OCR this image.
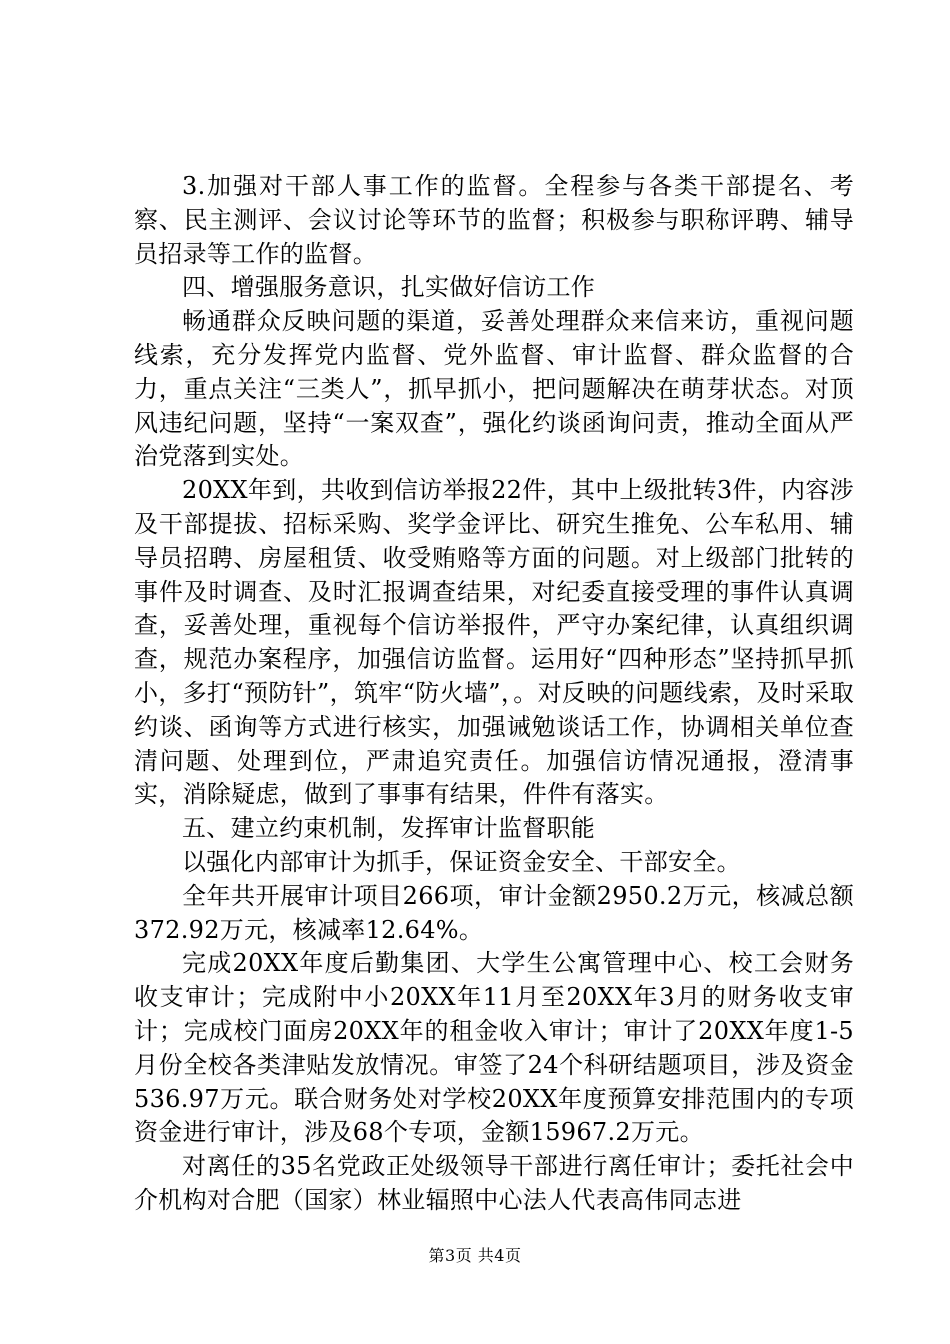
3.加强对干部人事工作的监督。全程参与各类干部提名、考察、民主测评、会议讨论等环节的监督；积极参与职称评聘、辅导员招录等工作的监督。

四、增强服务意识，扎实做好信访工作

畅通群众反映问题的渠道，妥善处理群众来信来访，重视问题线索，充分发挥党内监督、党外监督、审计监督、群众监督的合力，重点关注“三类人”，抓早抓小，把问题解决在萌芽状态。对顶风违纪问题，坚持“一案双查”，强化约谈函询问责，推动全面从严治党落到实处。

20XX年到，共收到信访举报22件，其中上级批转3件，内容涉及干部提拔、招标采购、奖学金评比、研究生推免、公车私用、辅导员招聘、房屋租赁、收受贿赂等方面的问题。对上级部门批转的事件及时调查、及时汇报调查结果，对纪委直接受理的事件认真调查，妥善处理，重视每个信访举报件，严守办案纪律，认真组织调查，规范办案程序，加强信访监督。运用好“四种形态”坚持抓早抓小，多打“预防针”，筑牢“防火墙”，。对反映的问题线索，及时采取约谈、函询等方式进行核实，加强诫勉谈话工作，协调相关单位查清问题、处理到位，严肃追究责任。加强信访情况通报，澄清事实，消除疑虑，做到了事事有结果，件件有落实。

五、建立约束机制，发挥审计监督职能

以强化内部审计为抓手，保证资金安全、干部安全。

全年共开展审计项目266项，审计金额2950.2万元，核减总额372.92万元，核减率12.64%。

完成20XX年度后勤集团、大学生公寓管理中心、校工会财务收支审计；完成附中小20XX年11月至20XX年3月的财务收支审计；完成校门面房20XX年的租金收入审计；审计了20XX年度1-5月份全校各类津贴发放情况。审签了24个科研结题项目，涉及资金536.97万元。联合财务处对学校20XX年度预算安排范围内的专项资金进行审计，涉及68个专项，金额15967.2万元。

对离任的35名党政正处级领导干部进行离任审计；委托社会中介机构对合肥（国家）林业辐照中心法人代表高伟同志进

第3页 共4页
